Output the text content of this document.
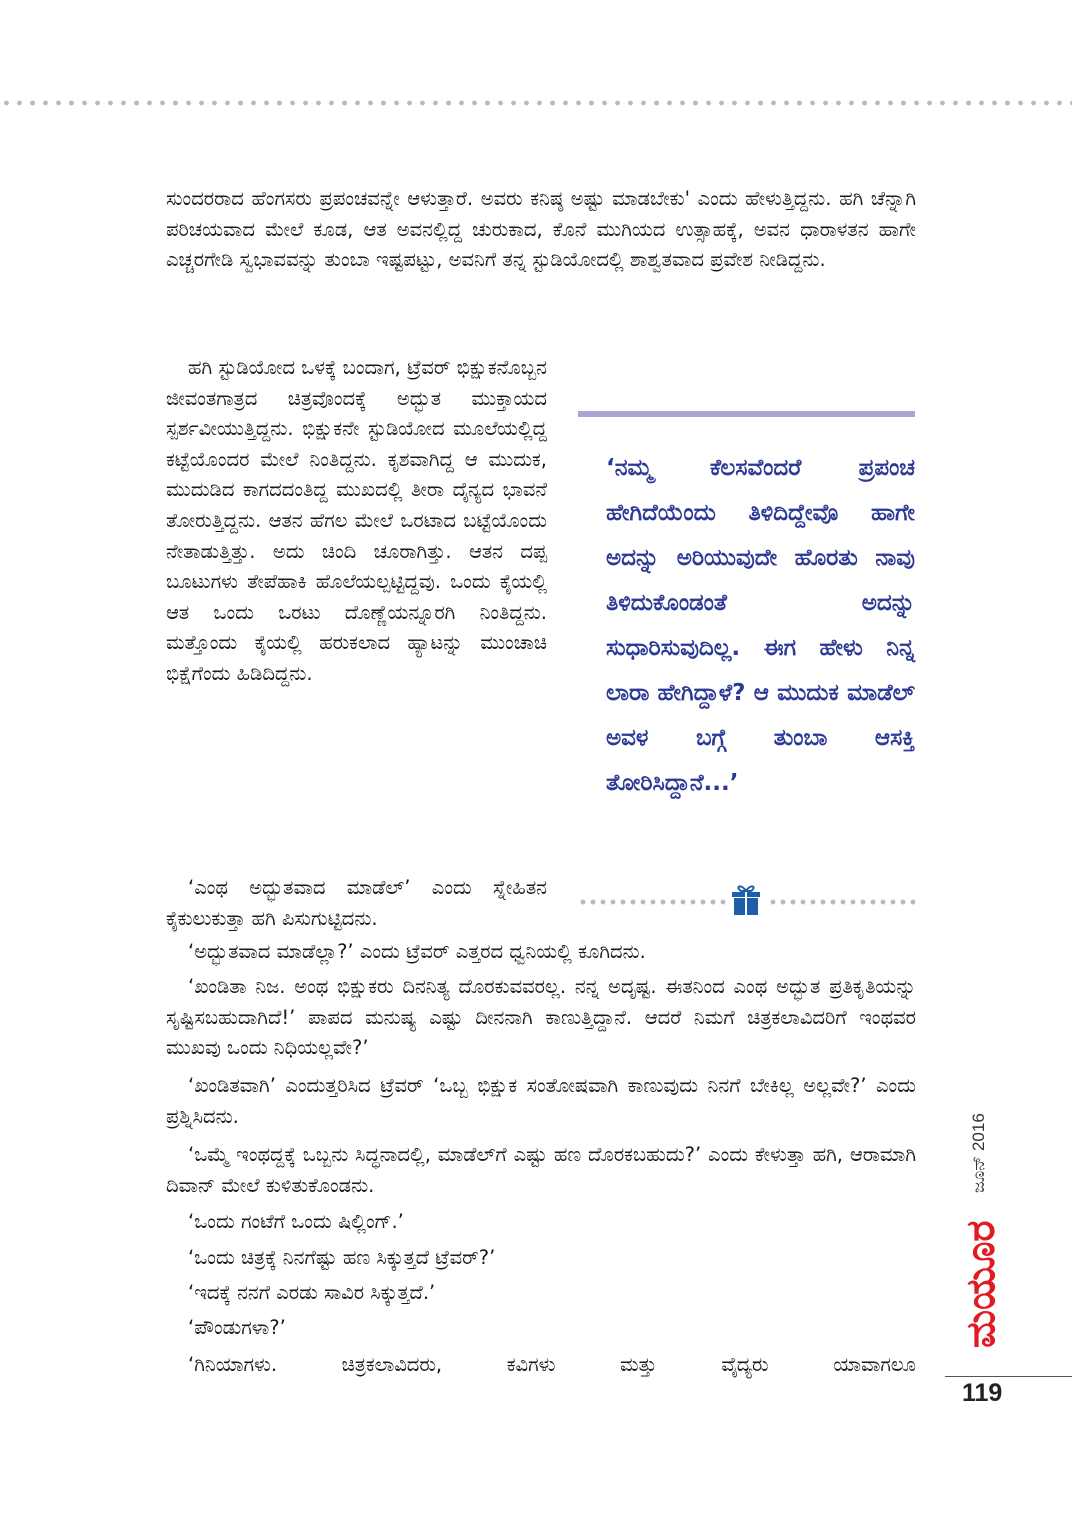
ಸುಂದರರಾದ ಹೆಂಗಸರು ಪ್ರಪಂಚವನ್ನೇ ಆಳುತ್ತಾರೆ. ಅವರು ಕನಿಷ್ಠ ಅಷ್ಟು ಮಾಡಬೇಕು' ಎಂದು ಹೇಳುತ್ತಿದ್ದನು. ಹಗಿ ಚೆನ್ನಾಗಿ ಪರಿಚಯವಾದ ಮೇಲೆ ಕೂಡ, ಆತ ಅವನಲ್ಲಿದ್ದ ಚುರುಕಾದ, ಕೊನೆ ಮುಗಿಯದ ಉತ್ಸಾಹಕ್ಕೆ, ಅವನ ಧಾರಾಳತನ ಹಾಗೇ ಎಚ್ಚರಗೇಡಿ ಸ್ವಭಾವವನ್ನು ತುಂಬಾ ಇಷ್ಟಪಟ್ಟು, ಅವನಿಗೆ ತನ್ನ ಸ್ಟುಡಿಯೋದಲ್ಲಿ ಶಾಶ್ವತವಾದ ಪ್ರವೇಶ ನೀಡಿದ್ದನು.

ಹಗಿ ಸ್ಟುಡಿಯೋದ ಒಳಕ್ಕೆ ಬಂದಾಗ, ಟ್ರೆವರ್ ಭಿಕ್ಷುಕನೊಬ್ಬನ ಜೀವಂತಗಾತ್ರದ ಚಿತ್ರವೊಂದಕ್ಕೆ ಅದ್ಭುತ ಮುಕ್ತಾಯದ ಸ್ಪರ್ಶವೀಯುತ್ತಿದ್ದನು. ಭಿಕ್ಷುಕನೇ ಸ್ಟುಡಿಯೋದ ಮೂಲೆಯಲ್ಲಿದ್ದ ಕಟ್ಟೆಯೊಂದರ ಮೇಲೆ ನಿಂತಿದ್ದನು. ಕೃಶವಾಗಿದ್ದ ಆ ಮುದುಕ, ಮುದುಡಿದ ಕಾಗದದಂತಿದ್ದ ಮುಖದಲ್ಲಿ ತೀರಾ ದೈನ್ಯದ ಭಾವನೆ ತೋರುತ್ತಿದ್ದನು. ಆತನ ಹೆಗಲ ಮೇಲೆ ಒರಟಾದ ಬಟ್ಟೆಯೊಂದು ನೇತಾಡುತ್ತಿತ್ತು. ಅದು ಚಿಂದಿ ಚೂರಾಗಿತ್ತು. ಆತನ ದಪ್ಪ ಬೂಟುಗಳು ತೇಪೆಹಾಕಿ ಹೊಲೆಯಲ್ಪಟ್ಟಿದ್ದವು. ಒಂದು ಕೈಯಲ್ಲಿ ಆತ ಒಂದು ಒರಟು ದೊಣ್ಣೆಯನ್ನೂರಗಿ ನಿಂತಿದ್ದನು. ಮತ್ತೊಂದು ಕೈಯಲ್ಲಿ ಹರುಕಲಾದ ಹ್ಯಾಟನ್ನು ಮುಂಚಾಚಿ ಭಿಕ್ಷೆಗೆಂದು ಹಿಡಿದಿದ್ದನು.

‘ಎಂಥ ಅದ್ಭುತವಾದ ಮಾಡೆಲ್’ ಎಂದು ಸ್ನೇಹಿತನ ಕೈಕುಲುಕುತ್ತಾ ಹಗಿ ಪಿಸುಗುಟ್ಟಿದನು.

‘ನಮ್ಮ ಕೆಲಸವೆಂದರೆ ಪ್ರಪಂಚ ಹೇಗಿದೆಯೆಂದು ತಿಳಿದಿದ್ದೇವೊ ಹಾಗೇ ಅದನ್ನು ಅರಿಯುವುದೇ ಹೊರತು ನಾವು ತಿಳಿದುಕೊಂಡಂತೆ ಅದನ್ನು ಸುಧಾರಿಸುವುದಿಲ್ಲ. ಈಗ ಹೇಳು ನಿನ್ನ ಲಾರಾ ಹೇಗಿದ್ದಾಳೆ? ಆ ಮುದುಕ ಮಾಡೆಲ್ ಅವಳ ಬಗ್ಗೆ ತುಂಬಾ ಆಸಕ್ತಿ ತೋರಿಸಿದ್ದಾನೆ...’

‘ಅದ್ಭುತವಾದ ಮಾಡೆಲ್ಲಾ?’ ಎಂದು ಟ್ರೆವರ್ ಎತ್ತರದ ಧ್ವನಿಯಲ್ಲಿ ಕೂಗಿದನು.

‘ಖಂಡಿತಾ ನಿಜ. ಅಂಥ ಭಿಕ್ಷುಕರು ದಿನನಿತ್ಯ ದೊರಕುವವರಲ್ಲ. ನನ್ನ ಅದೃಷ್ಟ. ಈತನಿಂದ ಎಂಥ ಅದ್ಭುತ ಪ್ರತಿಕೃತಿಯನ್ನು ಸೃಷ್ಟಿಸಬಹುದಾಗಿದೆ!’ ಪಾಪದ ಮನುಷ್ಯ ಎಷ್ಟು ದೀನನಾಗಿ ಕಾಣುತ್ತಿದ್ದಾನೆ. ಆದರೆ ನಿಮಗೆ ಚಿತ್ರಕಲಾವಿದರಿಗೆ ಇಂಥವರ ಮುಖವು ಒಂದು ನಿಧಿಯಲ್ಲವೇ?’

‘ಖಂಡಿತವಾಗಿ’ ಎಂದುತ್ತರಿಸಿದ ಟ್ರೆವರ್ ‘ಒಬ್ಬ ಭಿಕ್ಷುಕ ಸಂತೋಷವಾಗಿ ಕಾಣುವುದು ನಿನಗೆ ಬೇಕಿಲ್ಲ ಅಲ್ಲವೇ?’ ಎಂದು ಪ್ರಶ್ನಿಸಿದನು.

‘ಒಮ್ಮೆ ಇಂಥದ್ದಕ್ಕೆ ಒಬ್ಬನು ಸಿದ್ಧನಾದಲ್ಲಿ, ಮಾಡೆಲ್‌ಗೆ ಎಷ್ಟು ಹಣ ದೊರಕಬಹುದು?’ ಎಂದು ಕೇಳುತ್ತಾ ಹಗಿ, ಆರಾಮಾಗಿ ದಿವಾನ್ ಮೇಲೆ ಕುಳಿತುಕೊಂಡನು.

‘ಒಂದು ಗಂಟೆಗೆ ಒಂದು ಷಿಲ್ಲಿಂಗ್.’

‘ಒಂದು ಚಿತ್ರಕ್ಕೆ ನಿನಗೆಷ್ಟು ಹಣ ಸಿಕ್ಕುತ್ತದೆ ಟ್ರೆವರ್?’

‘ಇದಕ್ಕೆ ನನಗೆ ಎರಡು ಸಾವಿರ ಸಿಕ್ಕುತ್ತದೆ.’

‘ಪೌಂಡುಗಳಾ?’

‘ಗಿನಿಯಾಗಳು. ಚಿತ್ರಕಲಾವಿದರು, ಕವಿಗಳು ಮತ್ತು ವೈದ್ಯರು ಯಾವಾಗಲೂ

ಜೂನ್ 2016
ಮಯೂರ
119
